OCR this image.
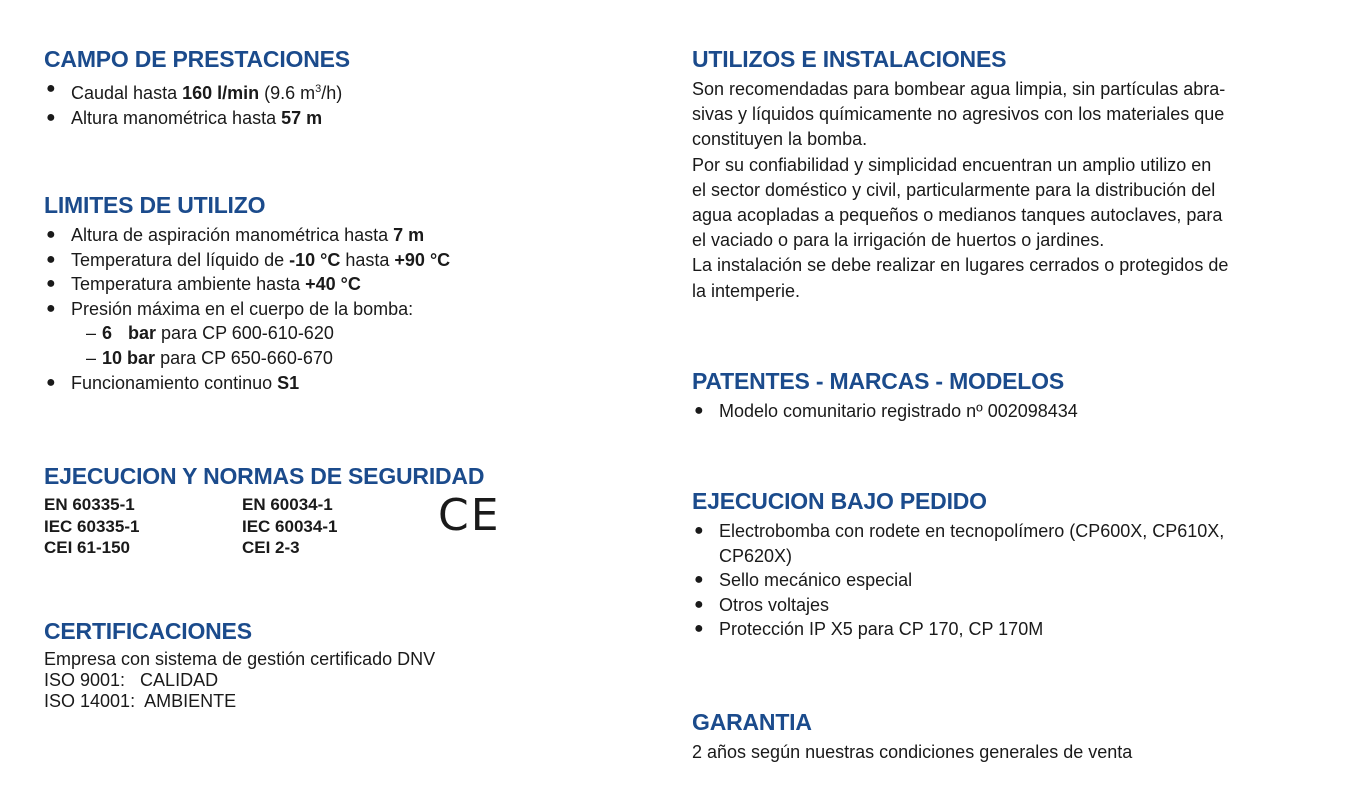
CAMPO DE PRESTACIONES
● Caudal hasta 160 l/min (9.6 $m^3/h$)
● Altura manométrica hasta 57 m
LIMITES DE UTILIZO
● Altura de aspiración manométrica hasta 7 m
● Temperatura del líquido de -10 °C hasta +90 °C
● Temperatura ambiente hasta +40 °C
● Presión máxima en el cuerpo de la bomba:
– 6 bar para CP 600-610-620
– 10 bar para CP 650-660-670
● Funcionamiento continuo S1
EJECUCION Y NORMAS DE SEGURIDAD
EN 60335-1
IEC 60335-1
CEI 61-150
EN 60034-1
IEC 60034-1
CEI 2-3
CE
CERTIFICACIONES
Empresa con sistema de gestión certificado DNV
ISO 9001:   CALIDAD
ISO 14001:  AMBIENTE
UTILIZOS E INSTALACIONES

Son recomendadas para bombear agua limpia, sin partículas abra-

sivas y líquidos químicamente no agresivos con los materiales que

constituyen la bomba.

Por su confiabilidad y simplicidad encuentran un amplio utilizo en

el sector doméstico y civil, particularmente para la distribución del

agua acopladas a pequeños o medianos tanques autoclaves, para

el vaciado o para la irrigación de huertos o jardines.

La instalación se debe realizar en lugares cerrados o protegidos de

la intemperie.

PATENTES - MARCAS - MODELOS
● Modelo comunitario registrado nº 002098434
EJECUCION BAJO PEDIDO
● Electrobomba con rodete en tecnopolímero (CP600X, CP610X,
CP620X)
● Sello mecánico especial
● Otros voltajes
● Protección IP X5 para CP 170, CP 170M
GARANTIA

2 años según nuestras condiciones generales de venta
